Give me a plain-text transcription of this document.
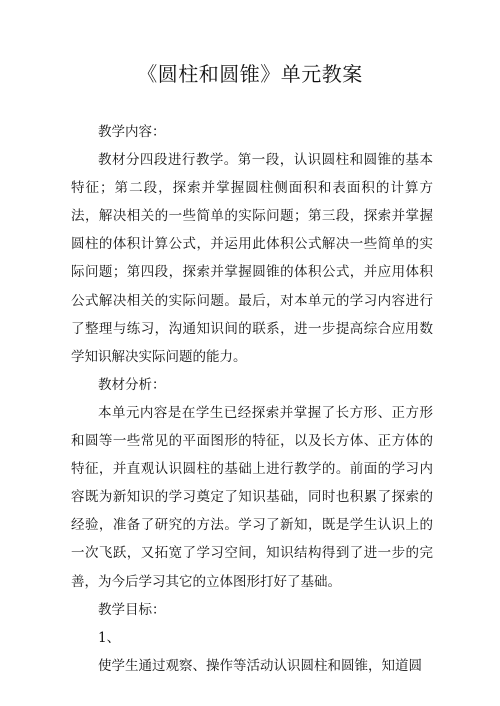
《圆柱和圆锥》单元教案

教学内容：

教材分四段进行教学。第一段，认识圆柱和圆锥的基本特征；第二段，探索并掌握圆柱侧面积和表面积的计算方法，解决相关的一些简单的实际问题；第三段，探索并掌握圆柱的体积计算公式，并运用此体积公式解决一些简单的实际问题；第四段，探索并掌握圆锥的体积公式，并应用体积公式解决相关的实际问题。最后，对本单元的学习内容进行了整理与练习，沟通知识间的联系，进一步提高综合应用数学知识解决实际问题的能力。

教材分析：

本单元内容是在学生已经探索并掌握了长方形、正方形和圆等一些常见的平面图形的特征，以及长方体、正方体的特征，并直观认识圆柱的基础上进行教学的。前面的学习内容既为新知识的学习奠定了知识基础，同时也积累了探索的经验，准备了研究的方法。学习了新知，既是学生认识上的一次飞跃，又拓宽了学习空间，知识结构得到了进一步的完善，为今后学习其它的立体图形打好了基础。

教学目标：

1、

使学生通过观察、操作等活动认识圆柱和圆锥，知道圆
